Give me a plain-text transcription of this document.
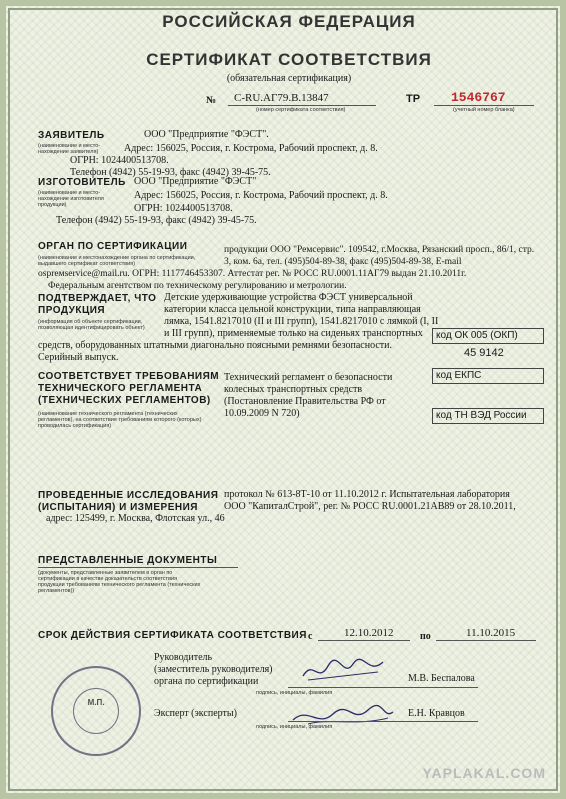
РОССИЙСКАЯ ФЕДЕРАЦИЯ
СЕРТИФИКАТ СООТВЕТСТВИЯ
(обязательная сертификация)
№ C-RU.АГ79.В.13847
(номер сертификата соответствия)
ТР 1546767
(учетный номер бланка)
ЗАЯВИТЕЛЬ
(наименование и место-нахождение заявителя)
ООО "Предприятие "ФЭСТ".
Адрес: 156025, Россия, г. Кострома, Рабочий проспект, д. 8.
ОГРН: 1024400513708.
Телефон (4942) 55-19-93, факс (4942) 39-45-75.
ИЗГОТОВИТЕЛЬ
(наименование и место-нахождение изготовителя продукции)
ООО "Предприятие "ФЭСТ"
Адрес: 156025, Россия, г. Кострома, Рабочий проспект, д. 8.
ОГРН: 1024400513708.
Телефон (4942) 55-19-93, факс (4942) 39-45-75.
ОРГАН ПО СЕРТИФИКАЦИИ
(наименование и местонахождение органа по сертификации, выдавшего сертификат соответствия)
продукции ООО "Ремсервис". 109542, г.Москва, Рязанский просп., 86/1, стр.
3, ком. 6а, тел. (495)504-89-38, факс (495)504-89-38, E-mail
osprемservice@mail.ru. ОГРН: 1117746453307. Аттестат рег. № РОСС RU.0001.11АГ79 выдан 21.10.2011г.
Федеральным агентством по техническому регулированию и метрологии.
ПОДТВЕРЖДАЕТ, ЧТО
ПРОДУКЦИЯ
(информация об объекте сертификации, позволяющая идентифицировать объект)
Детские удерживающие устройства ФЭСТ универсальной
категории класса цельной конструкции, типа направляющая
лямка, 1541.8217010 (II и III групп), 1541.8217010 с лямкой (I, II
и III групп), применяемые только на сиденьях транспортных
средств, оборудованных штатными диагонально поясными ремнями безопасности.
Серийный выпуск.
код ОК 005 (ОКП)
45 9142
СООТВЕТСТВУЕТ ТРЕБОВАНИЯМ
ТЕХНИЧЕСКОГО РЕГЛАМЕНТА
(ТЕХНИЧЕСКИХ РЕГЛАМЕНТОВ)
(наименование технического регламента (технических регламентов), на соответствие требованиям которого (которых) проводилась сертификация)
Технический регламент о безопасности
колесных транспортных средств
(Постановление Правительства РФ от
10.09.2009 N 720)
код ЕКПС
код ТН ВЭД России
ПРОВЕДЕННЫЕ ИССЛЕДОВАНИЯ
(ИСПЫТАНИЯ) И ИЗМЕРЕНИЯ
протокол № 613-8Т-10 от 11.10.2012 г. Испытательная лаборатория
ООО "КапиталСтрой", рег. № РОСС RU.0001.21АВ89 от 28.10.2011,
адрес: 125499, г. Москва, Флотская ул., 46
ПРЕДСТАВЛЕННЫЕ ДОКУМЕНТЫ
(документы, представленные заявителем в орган по сертификации в качестве доказательств соответствия продукции требованиям технического регламента (технических регламентов))
СРОК ДЕЙСТВИЯ СЕРТИФИКАТА СООТВЕТСТВИЯ с	12.10.2012	по	11.10.2015
Руководитель
(заместитель руководителя)
органа по сертификации	М.В. Беспалова
подпись, инициалы, фамилия
Эксперт (эксперты)	Е.Н. Кравцов
подпись, инициалы, фамилия
М.П.
YAPLAKAL.COM
